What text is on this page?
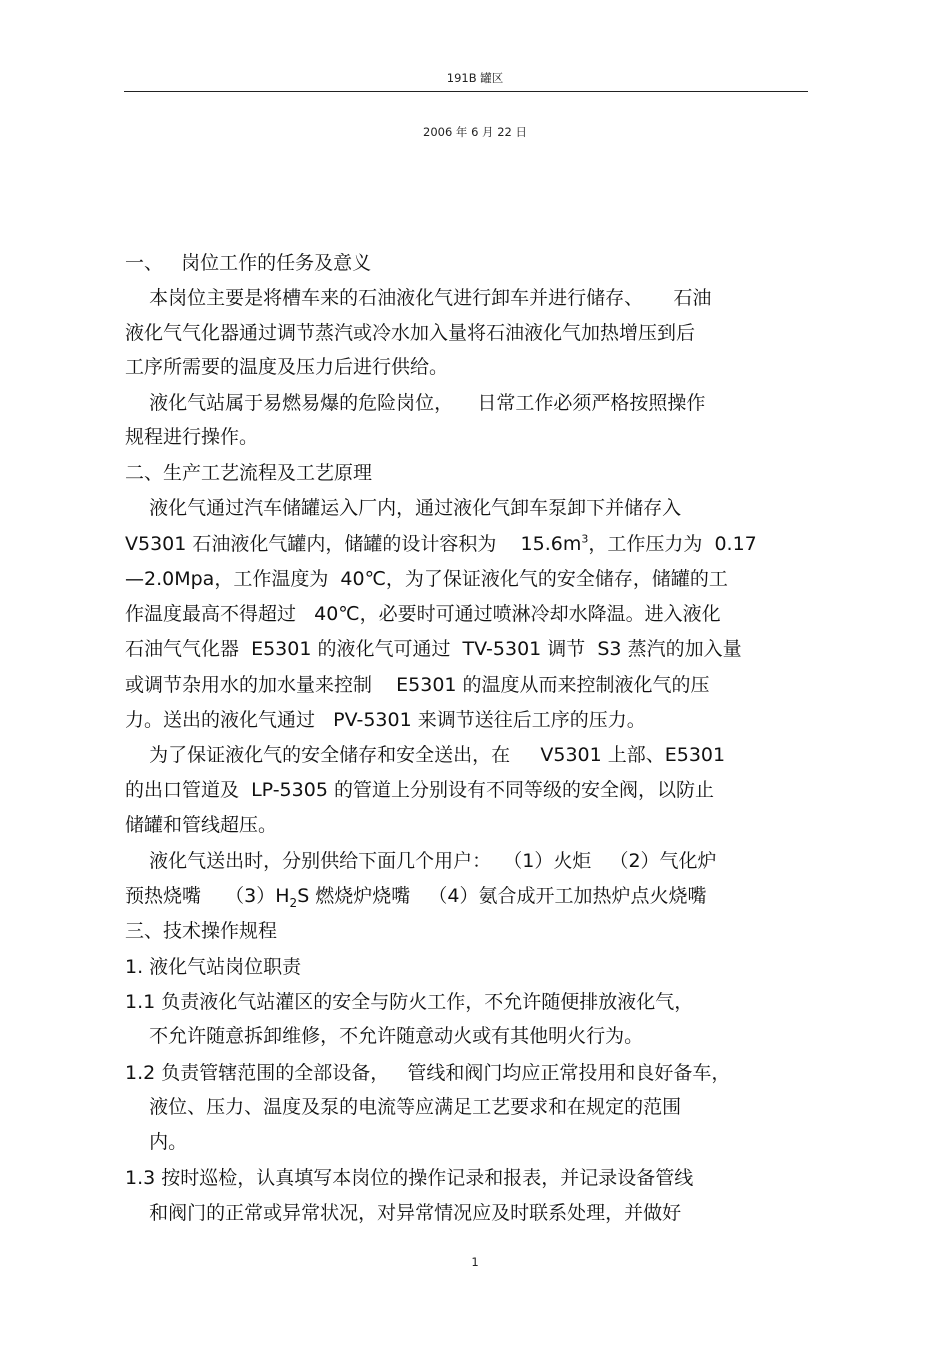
191B 罐区
2006 年 6 月 22 日
一、   岗位工作的任务及意义
本岗位主要是将槽车来的石油液化气进行卸车并进行储存、     石油
液化气气化器通过调节蒸汽或冷水加入量将石油液化气加热增压到后
工序所需要的温度及压力后进行供给。
液化气站属于易燃易爆的危险岗位，    日常工作必须严格按照操作
规程进行操作。
二、生产工艺流程及工艺原理
液化气通过汽车储罐运入厂内，通过液化气卸车泵卸下并储存入
V5301 石油液化气罐内，储罐的设计容积为    $15.6m^3$，工作压力为  0.17
—2.0Mpa，工作温度为  40℃，为了保证液化气的安全储存，储罐的工
作温度最高不得超过   40℃，必要时可通过喷淋冷却水降温。进入液化
石油气气化器  E5301 的液化气可通过  TV-5301 调节  S3 蒸汽的加入量
或调节杂用水的加水量来控制    E5301 的温度从而来控制液化气的压
力。送出的液化气通过   PV-5301 来调节送往后工序的压力。
为了保证液化气的安全储存和安全送出，在     V5301 上部、E5301
的出口管道及  LP-5305 的管道上分别设有不同等级的安全阀，以防止
储罐和管线超压。
液化气送出时，分别供给下面几个用户：  （1）火炬   （2）气化炉
预热烧嘴    $(3)H_2S$ 燃烧炉烧嘴   （4）氨合成开工加热炉点火烧嘴
三、技术操作规程
1. 液化气站岗位职责
1.1 负责液化气站灌区的安全与防火工作，不允许随便排放液化气，
不允许随意拆卸维修，不允许随意动火或有其他明火行为。
1.2 负责管辖范围的全部设备，   管线和阀门均应正常投用和良好备车，
液位、压力、温度及泵的电流等应满足工艺要求和在规定的范围
内。
1.3 按时巡检，认真填写本岗位的操作记录和报表，并记录设备管线
和阀门的正常或异常状况，对异常情况应及时联系处理，并做好
1
